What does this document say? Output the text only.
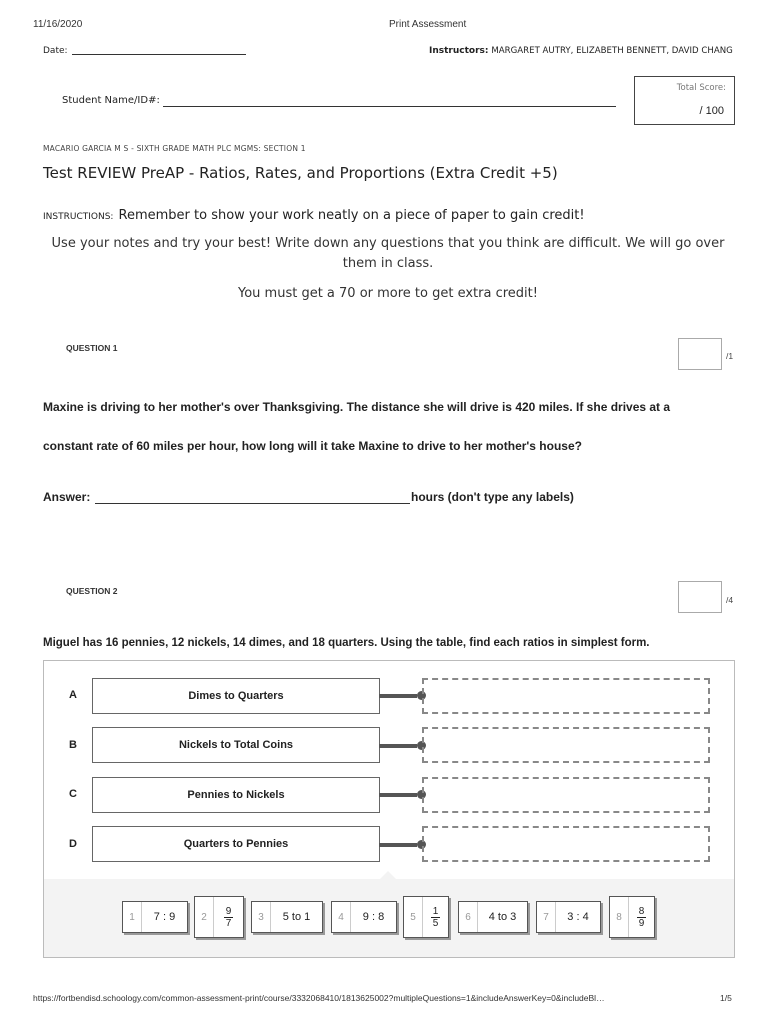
11/16/2020	Print Assessment
Date:	Instructors: MARGARET AUTRY, ELIZABETH BENNETT, DAVID CHANG
Student Name/ID#:
Total Score:
/ 100
MACARIO GARCIA M S - SIXTH GRADE MATH PLC MGMS: SECTION 1
Test REVIEW PreAP - Ratios, Rates, and Proportions (Extra Credit +5)
INSTRUCTIONS: Remember to show your work neatly on a piece of paper to gain credit!
Use your notes and try your best! Write down any questions that you think are difficult. We will go over
them in class.
You must get a 70 or more to get extra credit!
QUESTION 1
/1
Maxine is driving to her mother's over Thanksgiving. The distance she will drive is 420 miles. If she drives at a
constant rate of 60 miles per hour, how long will it take Maxine to drive to her mother's house?
Answer:	hours (don't type any labels)
QUESTION 2
/4
Miguel has 16 pennies, 12 nickels, 14 dimes, and 18 quarters. Using the table, find each ratios in simplest form.
A	Dimes to Quarters
B	Nickels to Total Coins
C	Pennies to Nickels
D	Quarters to Pennies
1	7 : 9	2	$\frac{9}{7}$	3	5 to 1	4	9 : 8	5	$\frac{1}{5}$	6	4 to 3	7	3 : 4	8	$\frac{8}{9}$
https://fortbendisd.schoology.com/common-assessment-print/course/3332068410/1813625002?multipleQuestions=1&includeAnswerKey=0&includeBl…	1/5
